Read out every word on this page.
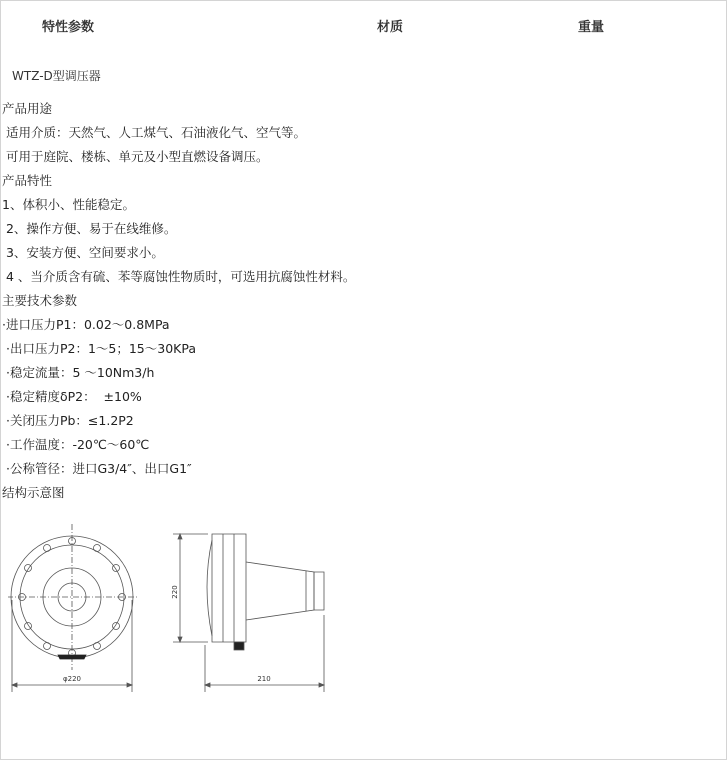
特性参数	材质	重量
WTZ-D型调压器
产品用途
适用介质：天然气、人工煤气、石油液化气、空气等。
可用于庭院、楼栋、单元及小型直燃设备调压。
产品特性
1、体积小、性能稳定。
2、操作方便、易于在线维修。
3、安装方便、空间要求小。
4 、当介质含有硫、苯等腐蚀性物质时，可选用抗腐蚀性材料。
主要技术参数
·进口压力P1：0.02～0.8MPa
·出口压力P2：1～5；15～30KPa
·稳定流量：5 ～10Nm3/h
·稳定精度δP2：  ±10%
·关闭压力Pb：≤1.2P2
·工作温度：-20℃～60℃
·公称管径：进口G3/4″、出口G1″
结构示意图
φ220
220
210
